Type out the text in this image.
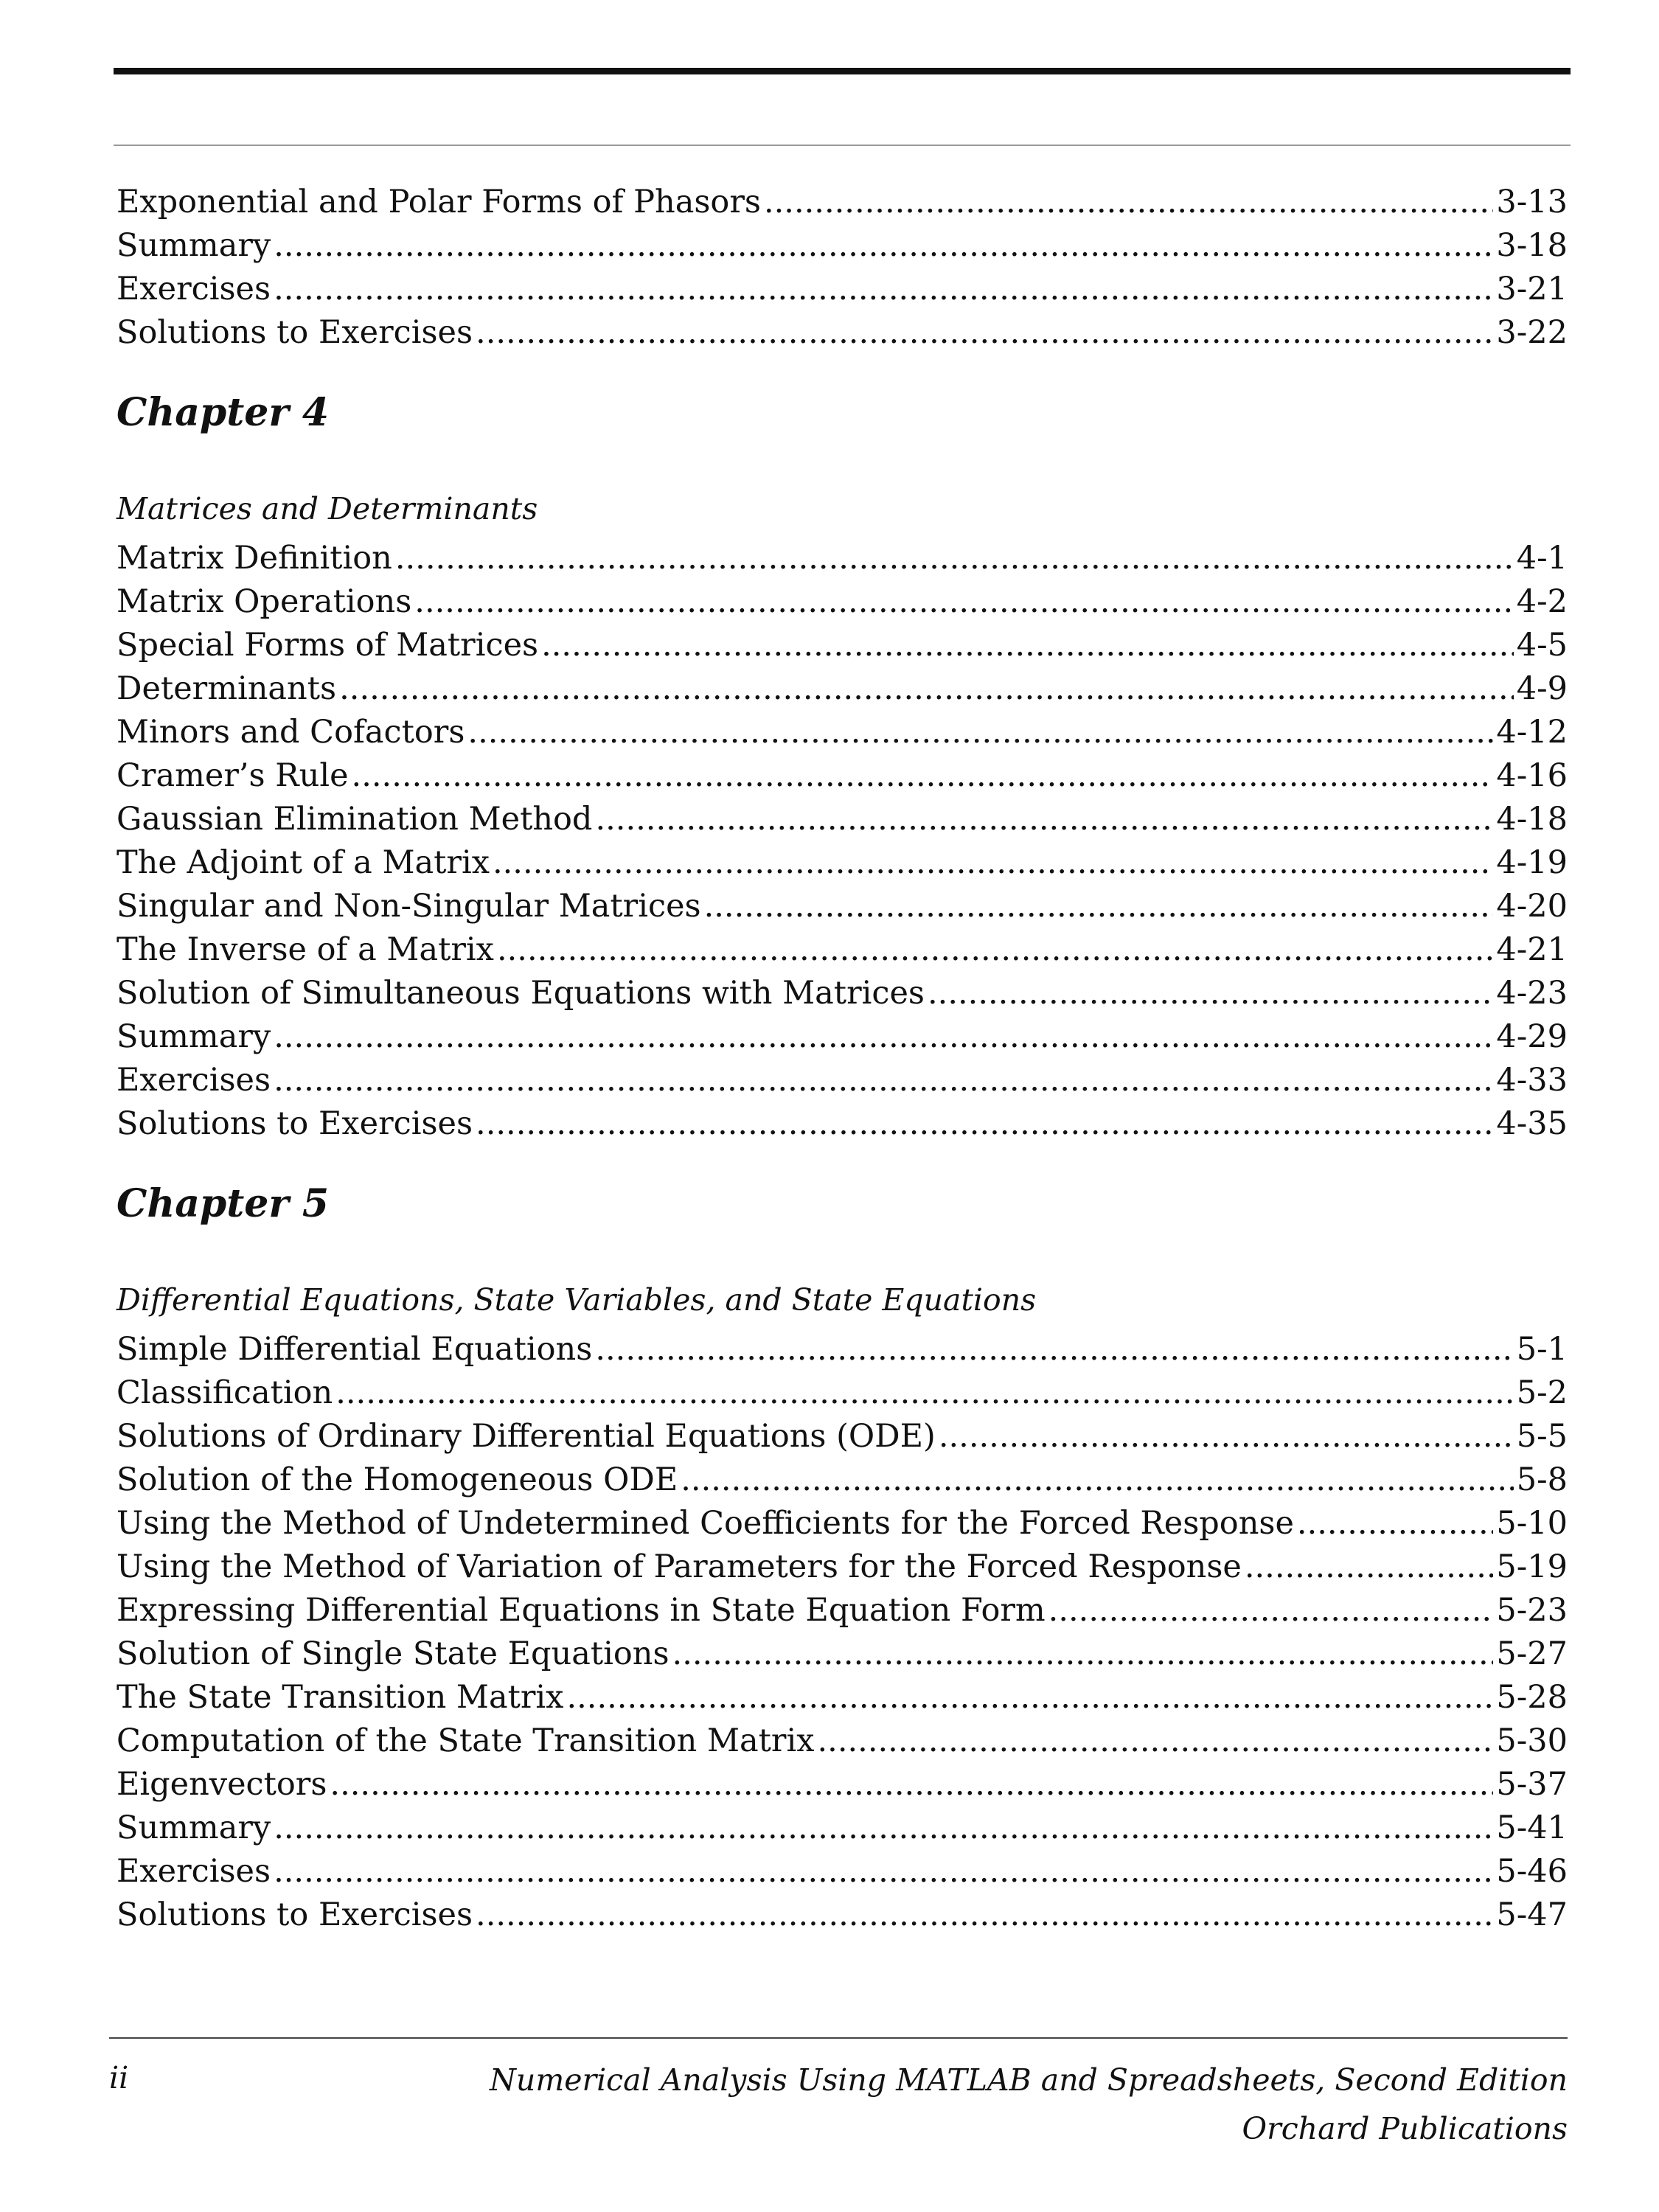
Exponential and Polar Forms of Phasors .....	3-13
Summary .....	3-18
Exercises .....	3-21
Solutions to Exercises .....	3-22
Chapter 4
Matrices and Determinants
Matrix Definition .....	4-1
Matrix Operations .....	4-2
Special Forms of Matrices .....	4-5
Determinants .....	4-9
Minors and Cofactors .....	4-12
Cramer’s Rule .....	4-16
Gaussian Elimination Method .....	4-18
The Adjoint of a Matrix .....	4-19
Singular and Non-Singular Matrices .....	4-20
The Inverse of a Matrix .....	4-21
Solution of Simultaneous Equations with Matrices .....	4-23
Summary .....	4-29
Exercises .....	4-33
Solutions to Exercises .....	4-35
Chapter 5
Differential Equations, State Variables, and State Equations
Simple Differential Equations .....	5-1
Classification .....	5-2
Solutions of Ordinary Differential Equations (ODE) .....	5-5
Solution of the Homogeneous ODE .....	5-8
Using the Method of Undetermined Coefficients for the Forced Response .....	5-10
Using the Method of Variation of Parameters for the Forced Response .....	5-19
Expressing Differential Equations in State Equation Form .....	5-23
Solution of Single State Equations .....	5-27
The State Transition Matrix .....	5-28
Computation of the State Transition Matrix .....	5-30
Eigenvectors .....	5-37
Summary .....	5-41
Exercises .....	5-46
Solutions to Exercises .....	5-47
ii	Numerical Analysis Using MATLAB and Spreadsheets, Second Edition
Orchard Publications
